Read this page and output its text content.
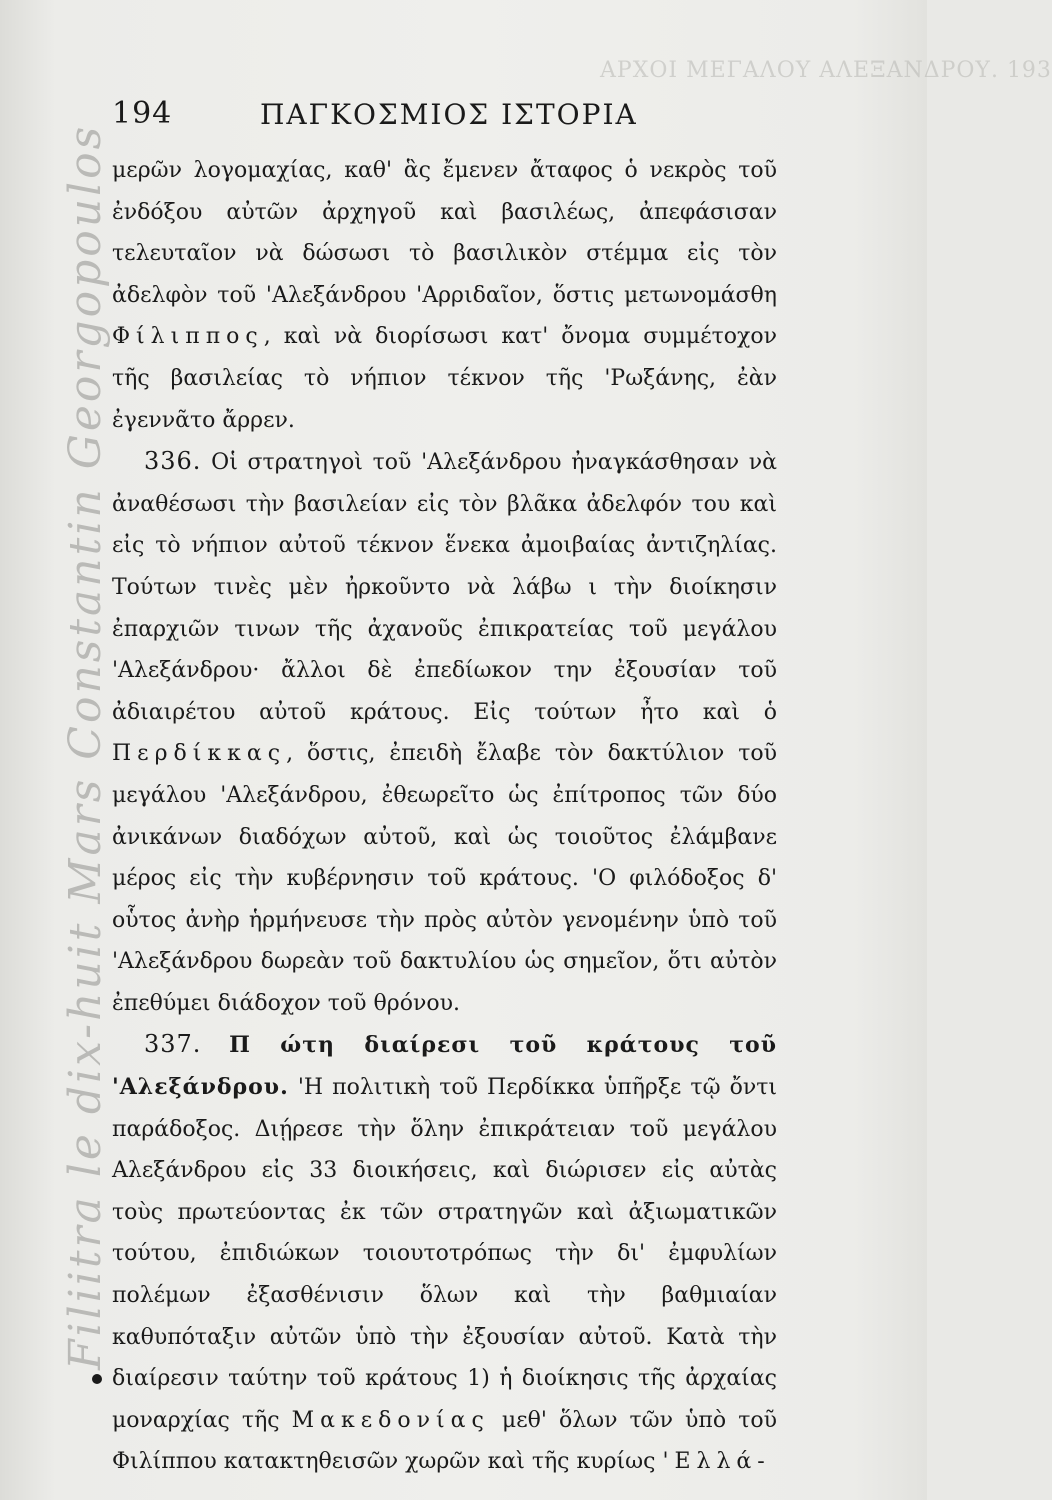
ΑΡΧΟΙ ΜΕΓΑΛΟΥ ΑΛΕΞΑΝΔΡΟΥ. 193
194	ΠΑΓΚΟΣΜΙΟΣ ΙΣΤΟΡΙΑ

μερῶν λογομαχίας, καθ' ἃς ἔμενεν ἄταφος ὁ νεκρὸς τοῦ ἐνδόξου αὐτῶν ἀρχηγοῦ καὶ βασιλέως, ἀπεφάσισαν τελευταῖον νὰ δώσωσι τὸ βασιλικὸν στέμμα εἰς τὸν ἀδελφὸν τοῦ 'Αλεξάνδρου 'Αρριδαῖον, ὅστις μετωνομάσθη Φίλιππος, καὶ νὰ διορίσωσι κατ' ὄνομα συμμέτοχον τῆς βασιλείας τὸ νήπιον τέκνον τῆς 'Ρωξάνης, ἐὰν ἐγεννᾶτο ἄρρεν.

336. Οἱ στρατηγοὶ τοῦ 'Αλεξάνδρου ἠναγκάσθησαν νὰ ἀναθέσωσι τὴν βασιλείαν εἰς τὸν βλᾶκα ἀδελφόν του καὶ εἰς τὸ νήπιον αὐτοῦ τέκνον ἕνεκα ἀμοιβαίας ἀντιζηλίας. Τούτων τινὲς μὲν ἠρκοῦντο νὰ λάβω ι τὴν διοίκησιν ἐπαρχιῶν τινων τῆς ἀχανοῦς ἐπικρατείας τοῦ μεγάλου 'Αλεξάνδρου· ἄλλοι δὲ ἐπεδίωκον την ἐξουσίαν τοῦ ἀδιαιρέτου αὐτοῦ κράτους. Εἰς τούτων ἦτο καὶ ὁ Περδίκκας, ὅστις, ἐπειδὴ ἔλαβε τὸν δακτύλιον τοῦ μεγάλου 'Αλεξάνδρου, ἐθεωρεῖτο ὡς ἐπίτροπος τῶν δύο ἀνικάνων διαδόχων αὐτοῦ, καὶ ὡς τοιοῦτος ἐλάμβανε μέρος εἰς τὴν κυβέρνησιν τοῦ κράτους. 'Ο φιλόδοξος δ' οὗτος ἀνὴρ ἡρμήνευσε τὴν πρὸς αὐτὸν γενομένην ὑπὸ τοῦ 'Αλεξάνδρου δωρεὰν τοῦ δακτυλίου ὡς σημεῖον, ὅτι αὐτὸν ἐπεθύμει διάδοχον τοῦ θρόνου.

337. Π ώτη διαίρεσι τοῦ κράτους τοῦ 'Αλεξάνδρου. 'Η πολιτικὴ τοῦ Περδίκκα ὑπῆρξε τῷ ὄντι παράδοξος. Διῄρεσε τὴν ὅλην ἐπικράτειαν τοῦ μεγάλου Αλεξάνδρου εἰς 33 διοικήσεις, καὶ διώρισεν εἰς αὐτὰς τοὺς πρωτεύοντας ἐκ τῶν στρατηγῶν καὶ ἀξιωματικῶν τούτου, ἐπιδιώκων τοιουτοτρόπως τὴν δι' ἐμφυλίων πολέμων ἐξασθένισιν ὅλων καὶ τὴν βαθμιαίαν καθυπόταξιν αὐτῶν ὑπὸ τὴν ἐξουσίαν αὐτοῦ. Κατὰ τὴν διαίρεσιν ταύτην τοῦ κράτους 1) ἡ διοίκησις τῆς ἀρχαίας μοναρχίας τῆς Μακεδονίας μεθ' ὅλων τῶν ὑπὸ τοῦ Φιλίππου κατακτηθεισῶν χωρῶν καὶ τῆς κυρίως 'Ελλά-

Filiitra le dix-huit Mars Constantin Georgopoulos
